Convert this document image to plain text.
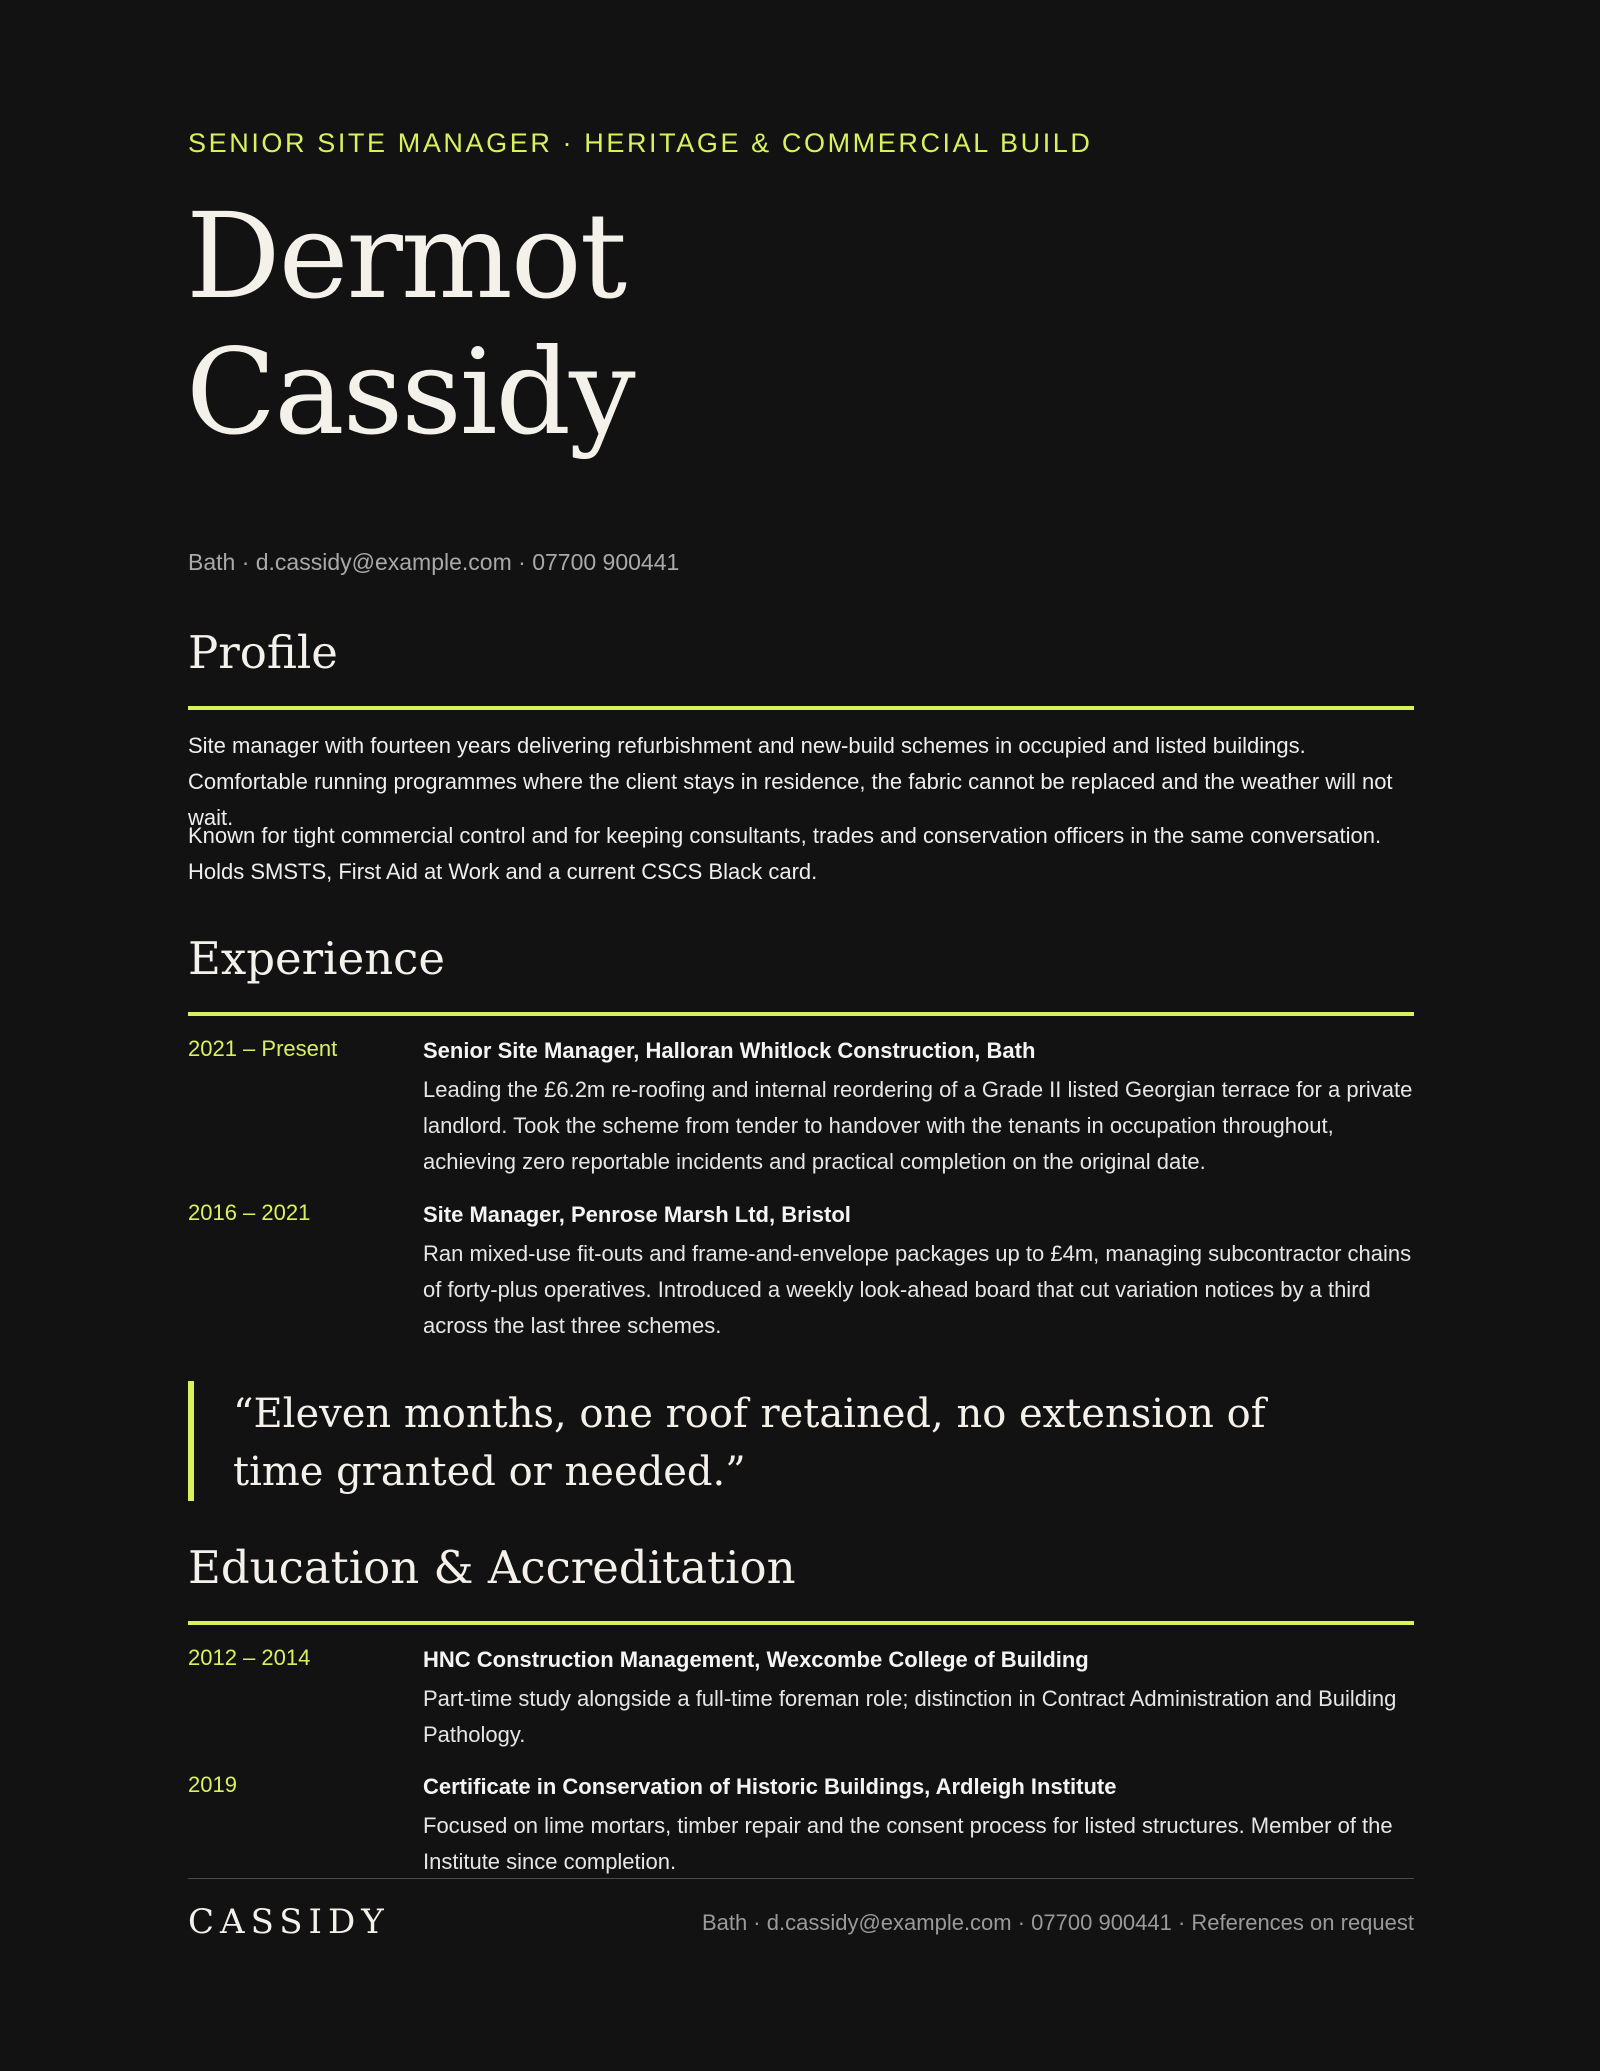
SENIOR SITE MANAGER · HERITAGE & COMMERCIAL BUILD
Dermot
Cassidy
Bath · d.cassidy@example.com · 07700 900441
Profile
Site manager with fourteen years delivering refurbishment and new-build schemes in occupied and listed buildings. Comfortable running programmes where the client stays in residence, the fabric cannot be replaced and the weather will not wait.
Known for tight commercial control and for keeping consultants, trades and conservation officers in the same conversation. Holds SMSTS, First Aid at Work and a current CSCS Black card.
Experience
2021 – Present	Senior Site Manager, Halloran Whitlock Construction, Bath
Leading the £6.2m re-roofing and internal reordering of a Grade II listed Georgian terrace for a private landlord. Took the scheme from tender to handover with the tenants in occupation throughout, achieving zero reportable incidents and practical completion on the original date.
2016 – 2021	Site Manager, Penrose Marsh Ltd, Bristol
Ran mixed-use fit-outs and frame-and-envelope packages up to £4m, managing subcontractor chains of forty-plus operatives. Introduced a weekly look-ahead board that cut variation notices by a third across the last three schemes.
“Eleven months, one roof retained, no extension of time granted or needed.”
Education & Accreditation
2012 – 2014	HNC Construction Management, Wexcombe College of Building
Part-time study alongside a full-time foreman role; distinction in Contract Administration and Building Pathology.
2019	Certificate in Conservation of Historic Buildings, Ardleigh Institute
Focused on lime mortars, timber repair and the consent process for listed structures. Member of the Institute since completion.
CASSIDY	Bath · d.cassidy@example.com · 07700 900441 · References on request
